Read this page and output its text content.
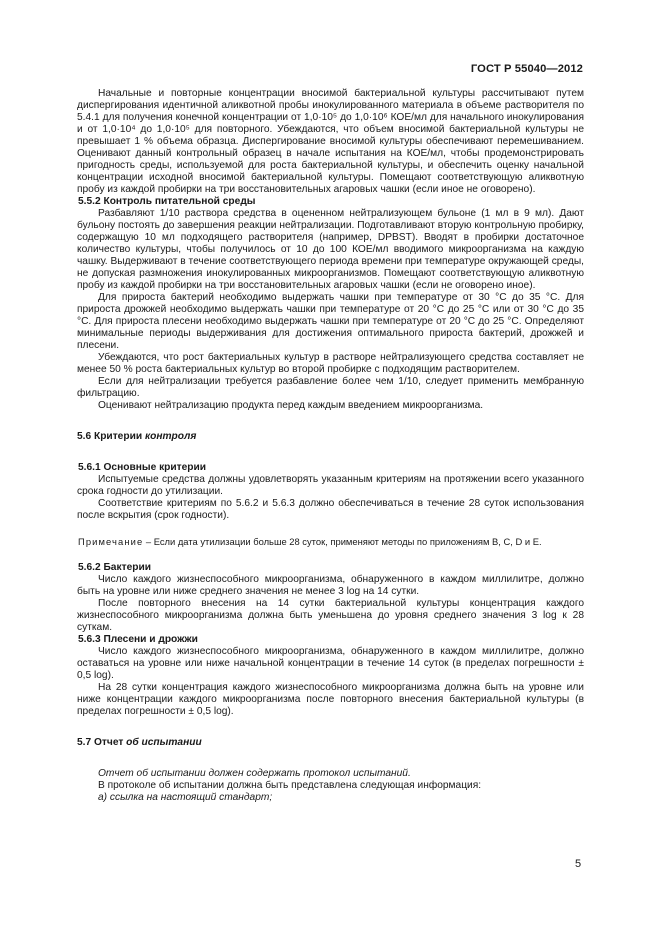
ГОСТ Р 55040—2012

Начальные и повторные концентрации вносимой бактериальной культуры рассчитывают путем диспергирования идентичной аликвотной пробы инокулированного материала в объеме растворителя по 5.4.1 для получения конечной концентрации от 1,0·10⁵ до 1,0·10⁶ КОЕ/мл для начального инокулирования и от 1,0·10⁴ до 1,0·10⁵ для повторного. Убеждаются, что объем вносимой бактериальной культуры не превышает 1 % объема образца. Диспергирование вносимой культуры обеспечивают перемешиванием. Оценивают данный контрольный образец в начале испытания на КОЕ/мл, чтобы продемонстрировать пригодность среды, используемой для роста бактериальной культуры, и обеспечить оценку начальной концентрации исходной вносимой бактериальной культуры. Помещают соответствующую аликвотную пробу из каждой пробирки на три восстановительных агаровых чашки (если иное не оговорено).

5.5.2 Контроль питательной среды

Разбавляют 1/10 раствора средства в оцененном нейтрализующем бульоне (1 мл в 9 мл). Дают бульону постоять до завершения реакции нейтрализации. Подготавливают вторую контрольную пробирку, содержащую 10 мл подходящего растворителя (например, DPBST). Вводят в пробирки достаточное количество культуры, чтобы получилось от 10 до 100 КОЕ/мл вводимого микроорганизма на каждую чашку. Выдерживают в течение соответствующего периода времени при температуре окружающей среды, не допуская размножения инокулированных микроорганизмов. Помещают соответствующую аликвотную пробу из каждой пробирки на три восстановительных агаровых чашки (если не оговорено иное).

Для прироста бактерий необходимо выдержать чашки при температуре от 30 °С до 35 °С. Для прироста дрожжей необходимо выдержать чашки при температуре от 20 °С до 25 °С или от 30 °С до 35 °С. Для прироста плесени необходимо выдержать чашки при температуре от 20 °С до 25 °С. Определяют минимальные периоды выдерживания для достижения оптимального прироста бактерий, дрожжей и плесени.

Убеждаются, что рост бактериальных культур в растворе нейтрализующего средства составляет не менее 50 % роста бактериальных культур во второй пробирке с подходящим растворителем.

Если для нейтрализации требуется разбавление более чем 1/10, следует применить мембранную фильтрацию.

Оценивают нейтрализацию продукта перед каждым введением микроорганизма.

5.6 Критерии контроля

5.6.1 Основные критерии

Испытуемые средства должны удовлетворять указанным критериям на протяжении всего указанного срока годности до утилизации.

Соответствие критериям по 5.6.2 и 5.6.3 должно обеспечиваться в течение 28 суток использования после вскрытия (срок годности).

Примечание – Если дата утилизации больше 28 суток, применяют методы по приложениям В, С, D и Е.

5.6.2 Бактерии

Число каждого жизнеспособного микроорганизма, обнаруженного в каждом миллилитре, должно быть на уровне или ниже среднего значения не менее 3 log на 14 сутки.

После повторного внесения на 14 сутки бактериальной культуры концентрация каждого жизнеспособного микроорганизма должна быть уменьшена до уровня среднего значения 3 log к 28 суткам.

5.6.3 Плесени и дрожжи

Число каждого жизнеспособного микроорганизма, обнаруженного в каждом миллилитре, должно оставаться на уровне или ниже начальной концентрации в течение 14 суток (в пределах погрешности ± 0,5 log).

На 28 сутки концентрация каждого жизнеспособного микроорганизма должна быть на уровне или ниже концентрации каждого микроорганизма после повторного внесения бактериальной культуры (в пределах погрешности ± 0,5 log).

5.7 Отчет об испытании

Отчет об испытании должен содержать протокол испытаний.

В протоколе об испытании должна быть представлена следующая информация:

а) ссылка на настоящий стандарт;

5
